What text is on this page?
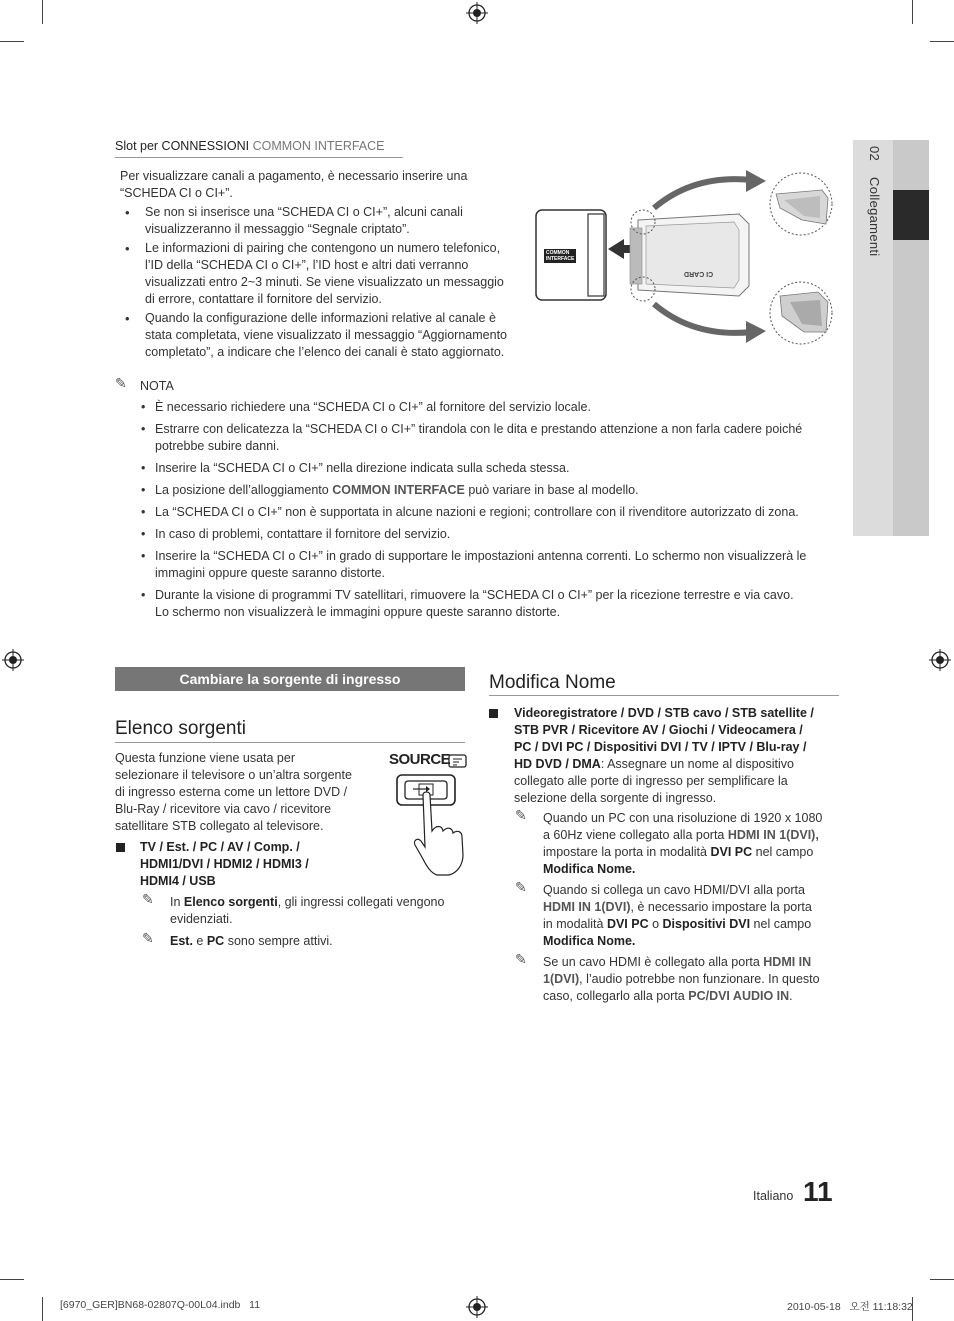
02 Collegamenti
Slot per CONNESSIONI COMMON INTERFACE
Per visualizzare canali a pagamento, è necessario inserire una
“SCHEDA CI o CI+”.
• Se non si inserisce una “SCHEDA CI o CI+”, alcuni canali
visualizzeranno il messaggio “Segnale criptato”.
• Le informazioni di pairing che contengono un numero telefonico,
l’ID della “SCHEDA CI o CI+”, l’ID host e altri dati verranno
visualizzati entro 2~3 minuti. Se viene visualizzato un messaggio
di errore, contattare il fornitore del servizio.
• Quando la configurazione delle informazioni relative al canale è
stata completata, viene visualizzato il messaggio “Aggiornamento
completato”, a indicare che l’elenco dei canali è stato aggiornato.
COMMON
INTERFACE
CI CARD
✎ NOTA
• È necessario richiedere una “SCHEDA CI o CI+” al fornitore del servizio locale.
• Estrarre con delicatezza la “SCHEDA CI o CI+” tirandola con le dita e prestando attenzione a non farla cadere poiché
potrebbe subire danni.
• Inserire la “SCHEDA CI o CI+” nella direzione indicata sulla scheda stessa.
• La posizione dell’alloggiamento COMMON INTERFACE può variare in base al modello.
• La “SCHEDA CI o CI+” non è supportata in alcune nazioni e regioni; controllare con il rivenditore autorizzato di zona.
• In caso di problemi, contattare il fornitore del servizio.
• Inserire la “SCHEDA CI o CI+” in grado di supportare le impostazioni antenna correnti. Lo schermo non visualizzerà le
immagini oppure queste saranno distorte.
• Durante la visione di programmi TV satellitari, rimuovere la “SCHEDA CI o CI+” per la ricezione terrestre e via cavo.
Lo schermo non visualizzerà le immagini oppure queste saranno distorte.
Cambiare la sorgente di ingresso
Elenco sorgenti
Questa funzione viene usata per
selezionare il televisore o un’altra sorgente
di ingresso esterna come un lettore DVD /
Blu-Ray / ricevitore via cavo / ricevitore
satellitare STB collegato al televisore.
SOURCE
TV / Est. / PC / AV / Comp. /
HDMI1/DVI / HDMI2 / HDMI3 /
HDMI4 / USB
✎ In Elenco sorgenti, gli ingressi collegati vengono
evidenziati.
✎ Est. e PC sono sempre attivi.
Modifica Nome
Videoregistratore / DVD / STB cavo / STB satellite /
STB PVR / Ricevitore AV / Giochi / Videocamera /
PC / DVI PC / Dispositivi DVI / TV / IPTV / Blu-ray /
HD DVD / DMA: Assegnare un nome al dispositivo
collegato alle porte di ingresso per semplificare la
selezione della sorgente di ingresso.
✎ Quando un PC con una risoluzione di 1920 x 1080
a 60Hz viene collegato alla porta HDMI IN 1(DVI),
impostare la porta in modalità DVI PC nel campo
Modifica Nome.
✎ Quando si collega un cavo HDMI/DVI alla porta
HDMI IN 1(DVI), è necessario impostare la porta
in modalità DVI PC o Dispositivi DVI nel campo
Modifica Nome.
✎ Se un cavo HDMI è collegato alla porta HDMI IN
1(DVI), l’audio potrebbe non funzionare. In questo
caso, collegarlo alla porta PC/DVI AUDIO IN.
Italiano 11
[6970_GER]BN68-02807Q-00L04.indb   11	2010-05-18   오전 11:18:32
